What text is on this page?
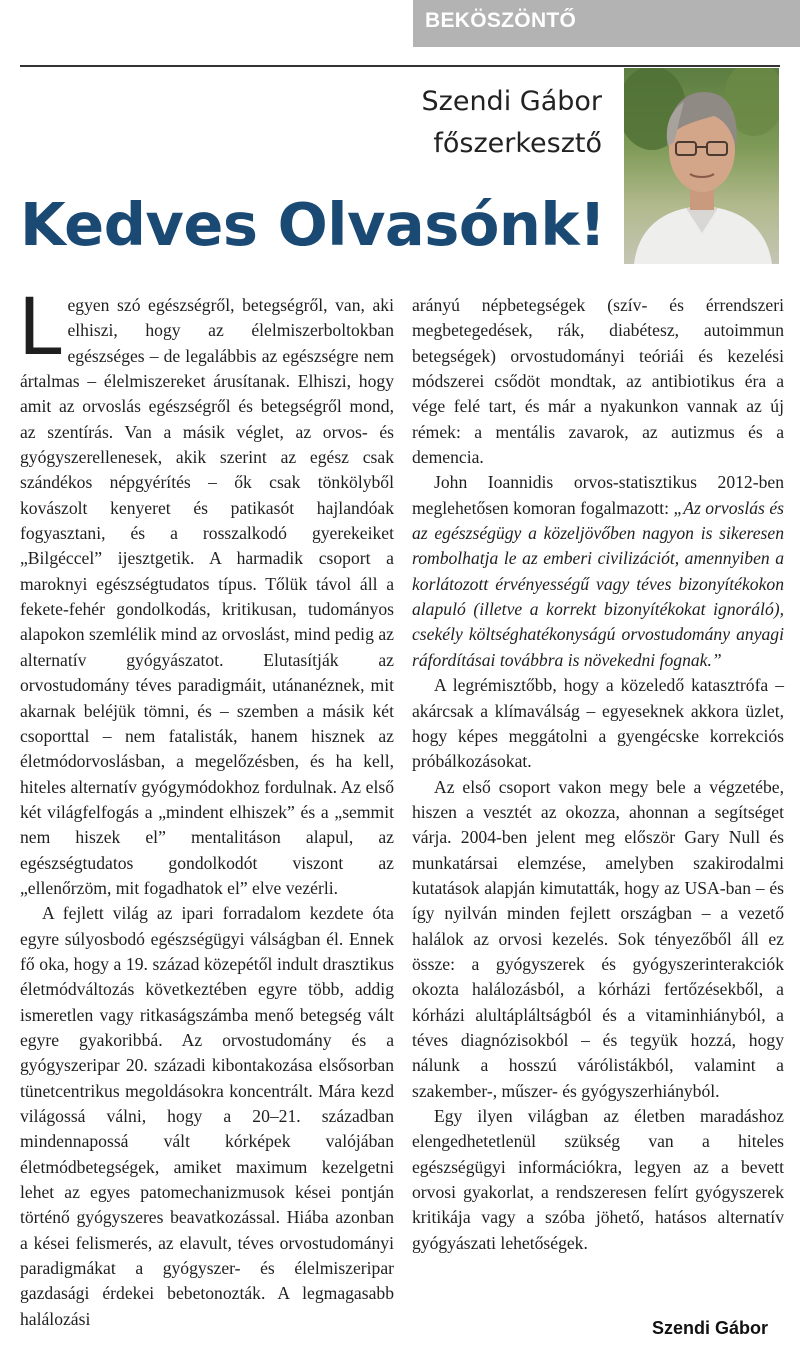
BEKÖSZÖNTŐ
Szendi Gábor
főszerkesztő
Kedves Olvasónk!

Legyen szó egészségről, betegségről, van, aki elhiszi, hogy az élelmiszerboltokban egészséges – de legalábbis az egészségre nem ártalmas – élelmiszereket árusítanak. Elhiszi, hogy amit az orvoslás egészségről és betegségről mond, az szentírás. Van a másik véglet, az orvos- és gyógyszerellenesek, akik szerint az egész csak szándékos népgyérítés – ők csak tönkölyből kovászolt kenyeret és patikasót hajlandóak fogyasztani, és a rosszalkodó gyerekeiket „Bilgéccel” ijesztgetik. A harmadik csoport a maroknyi egészségtudatos típus. Tőlük távol áll a fekete-fehér gondolkodás, kritikusan, tudományos alapokon szemlélik mind az orvoslást, mind pedig az alternatív gyógyászatot. Elutasítják az orvostudomány téves paradigmáit, utánanéznek, mit akarnak beléjük tömni, és – szemben a másik két csoporttal – nem fatalisták, hanem hisznek az életmódorvoslásban, a megelőzésben, és ha kell, hiteles alternatív gyógymódokhoz fordulnak. Az első két világfelfogás a „mindent elhiszek” és a „semmit nem hiszek el” mentalitáson alapul, az egészségtudatos gondolkodót viszont az „ellenőrzöm, mit fogadhatok el” elve vezérli.

A fejlett világ az ipari forradalom kezdete óta egyre súlyosbodó egészségügyi válságban él. Ennek fő oka, hogy a 19. század közepétől indult drasztikus életmódváltozás következtében egyre több, addig ismeretlen vagy ritkaságszámba menő betegség vált egyre gyakoribbá. Az orvostudomány és a gyógyszeripar 20. századi kibontakozása elsősorban tünetcentrikus megoldásokra koncentrált. Mára kezd világossá válni, hogy a 20–21. században mindennapossá vált kórképek valójában életmódbetegségek, amiket maximum kezelgetni lehet az egyes patomechanizmusok kései pontján történő gyógyszeres beavatkozással. Hiába azonban a kései felismerés, az elavult, téves orvostudományi paradigmákat a gyógyszer- és élelmiszeripar gazdasági érdekei bebetonozták. A legmagasabb halálozási

arányú népbetegségek (szív- és érrendszeri megbetegedések, rák, diabétesz, autoimmun betegségek) orvostudományi teóriái és kezelési módszerei csődöt mondtak, az antibiotikus éra a vége felé tart, és már a nyakunkon vannak az új rémek: a mentális zavarok, az autizmus és a demencia.

John Ioannidis orvos-statisztikus 2012-ben meglehetősen komoran fogalmazott: „Az orvoslás és az egészségügy a közeljövőben nagyon is sikeresen rombolhatja le az emberi civilizációt, amennyiben a korlátozott érvényességű vagy téves bizonyítékokon alapuló (illetve a korrekt bizonyítékokat ignoráló), csekély költséghatékonyságú orvostudomány anyagi ráfordításai továbbra is növekedni fognak.”

A legrémisztőbb, hogy a közeledő katasztrófa – akárcsak a klímaválság – egyeseknek akkora üzlet, hogy képes meggátolni a gyengécske korrekciós próbálkozásokat.

Az első csoport vakon megy bele a végzetébe, hiszen a vesztét az okozza, ahonnan a segítséget várja. 2004-ben jelent meg először Gary Null és munkatársai elemzése, amelyben szakirodalmi kutatások alapján kimutatták, hogy az USA-ban – és így nyilván minden fejlett országban – a vezető halálok az orvosi kezelés. Sok tényezőből áll ez össze: a gyógyszerek és gyógyszerinterakciók okozta halálozásból, a kórházi fertőzésekből, a kórházi alultápláltságból és a vitaminhiányból, a téves diagnózisokból – és tegyük hozzá, hogy nálunk a hosszú várólistákból, valamint a szakember-, műszer- és gyógyszerhiányból.

Egy ilyen világban az életben maradáshoz elengedhetetlenül szükség van a hiteles egészségügyi információkra, legyen az a bevett orvosi gyakorlat, a rendszeresen felírt gyógyszerek kritikája vagy a szóba jöhető, hatásos alternatív gyógyászati lehetőségek.

Szendi Gábor
